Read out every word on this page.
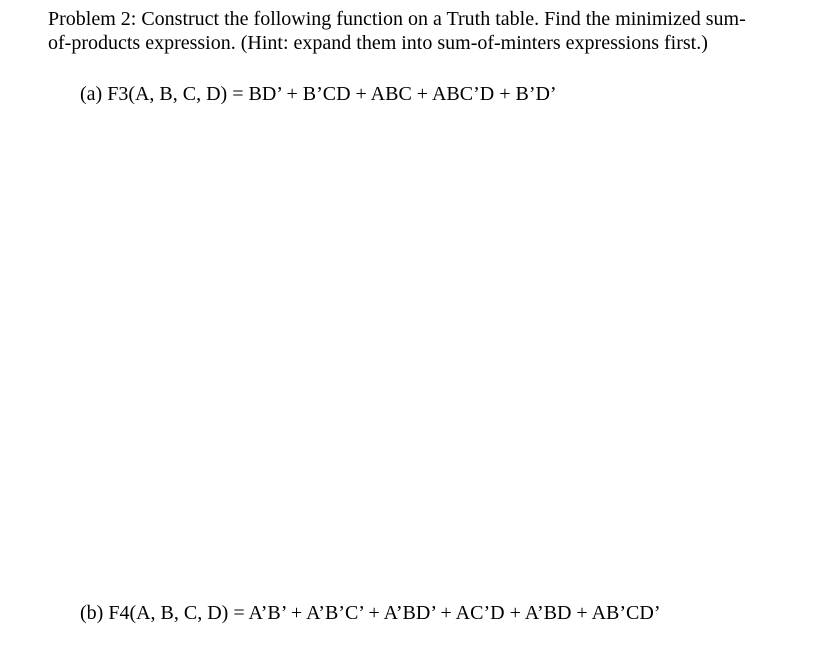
Problem 2: Construct the following function on a Truth table. Find the minimized sum-
of-products expression. (Hint: expand them into sum-of-minters expressions first.)

(a) F3(A, B, C, D) = BD’ + B’CD + ABC + ABC’D + B’D’

(b) F4(A, B, C, D) = A’B’ + A’B’C’ + A’BD’ + AC’D + A’BD + AB’CD’
